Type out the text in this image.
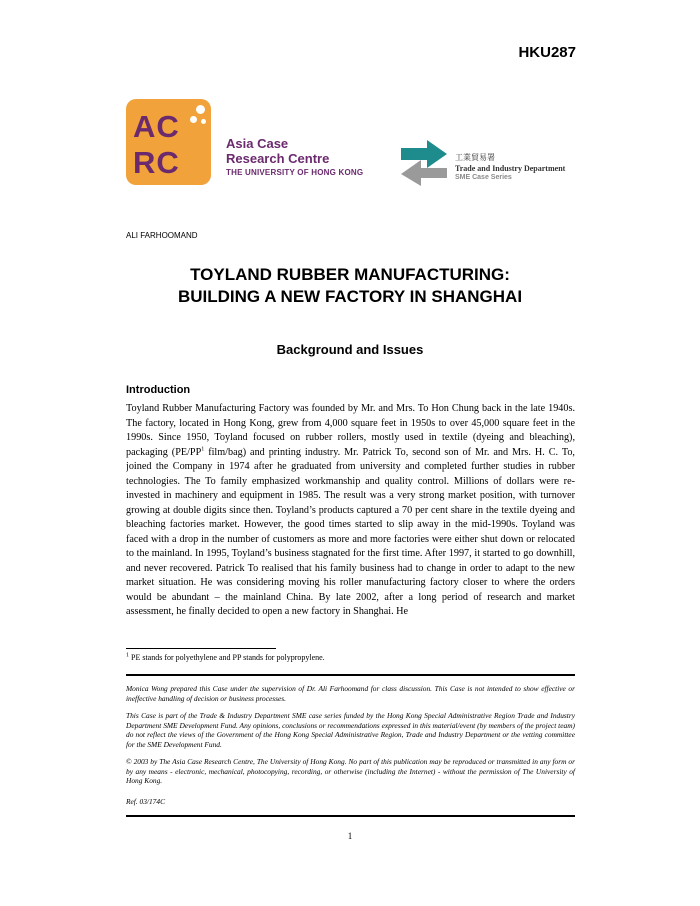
HKU287
AC
RC
Asia Case
Research Centre
THE UNIVERSITY OF HONG KONG
工業貿易署
Trade and Industry Department
SME Case Series
ALI FARHOOMAND
TOYLAND RUBBER MANUFACTURING:
BUILDING A NEW FACTORY IN SHANGHAI
Background and Issues
Introduction
Toyland Rubber Manufacturing Factory was founded by Mr. and Mrs. To Hon Chung back in the late 1940s. The factory, located in Hong Kong, grew from 4,000 square feet in 1950s to over 45,000 square feet in the 1990s. Since 1950, Toyland focused on rubber rollers, mostly used in textile (dyeing and bleaching), packaging ($PE/PP^1$ film/bag) and printing industry. Mr. Patrick To, second son of Mr. and Mrs. H. C. To, joined the Company in 1974 after he graduated from university and completed further studies in rubber technologies. The To family emphasized workmanship and quality control. Millions of dollars were re-invested in machinery and equipment in 1985. The result was a very strong market position, with turnover growing at double digits since then. Toyland’s products captured a 70 per cent share in the textile dyeing and bleaching factories market. However, the good times started to slip away in the mid-1990s. Toyland was faced with a drop in the number of customers as more and more factories were either shut down or relocated to the mainland. In 1995, Toyland’s business stagnated for the first time. After 1997, it started to go downhill, and never recovered. Patrick To realised that his family business had to change in order to adapt to the new market situation. He was considering moving his roller manufacturing factory closer to where the orders would be abundant – the mainland China. By late 2002, after a long period of research and market assessment, he finally decided to open a new factory in Shanghai. He
$^1$ PE stands for polyethylene and PP stands for polypropylene.
Monica Wong prepared this Case under the supervision of Dr. Ali Farhoomand for class discussion. This Case is not intended to show effective or ineffective handling of decision or business processes.
This Case is part of the Trade & Industry Department SME case series funded by the Hong Kong Special Administrative Region Trade and Industry Department SME Development Fund. Any opinions, conclusions or recommendations expressed in this material/event (by members of the project team) do not reflect the views of the Government of the Hong Kong Special Administrative Region, Trade and Industry Department or the vetting committee for the SME Development Fund.
© 2003 by The Asia Case Research Centre, The University of Hong Kong. No part of this publication may be reproduced or transmitted in any form or by any means - electronic, mechanical, photocopying, recording, or otherwise (including the Internet) - without the permission of The University of Hong Kong.
Ref. 03/174C
1
